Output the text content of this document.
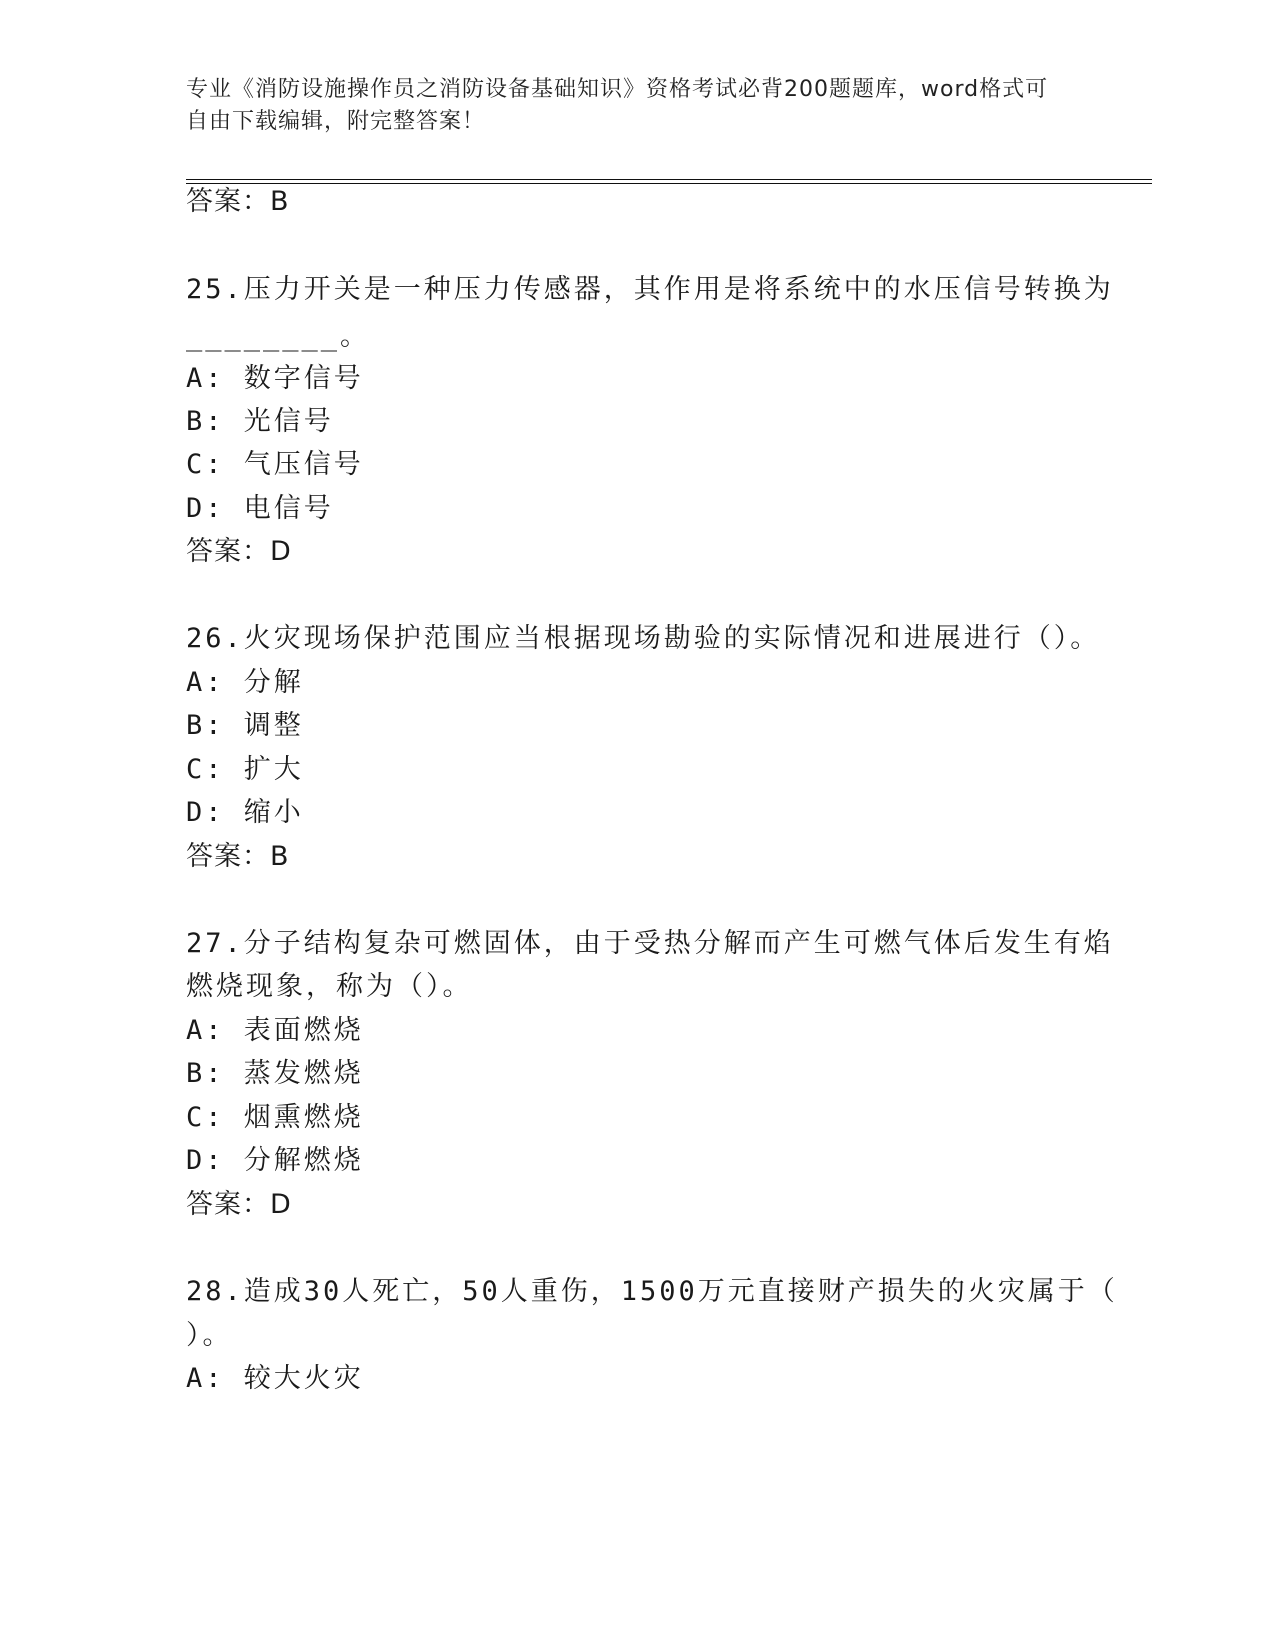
专业《消防设施操作员之消防设备基础知识》资格考试必背200题题库，word格式可自由下载编辑，附完整答案！
答案：B
25.压力开关是一种压力传感器，其作用是将系统中的水压信号转换为
________。
A: 数字信号
B: 光信号
C: 气压信号
D: 电信号
答案：D
26.火灾现场保护范围应当根据现场勘验的实际情况和进展进行（）。
A: 分解
B: 调整
C: 扩大
D: 缩小
答案：B
27.分子结构复杂可燃固体，由于受热分解而产生可燃气体后发生有焰
燃烧现象，称为（）。
A: 表面燃烧
B: 蒸发燃烧
C: 烟熏燃烧
D: 分解燃烧
答案：D
28.造成30人死亡，50人重伤，1500万元直接财产损失的火灾属于（
）。
A: 较大火灾
